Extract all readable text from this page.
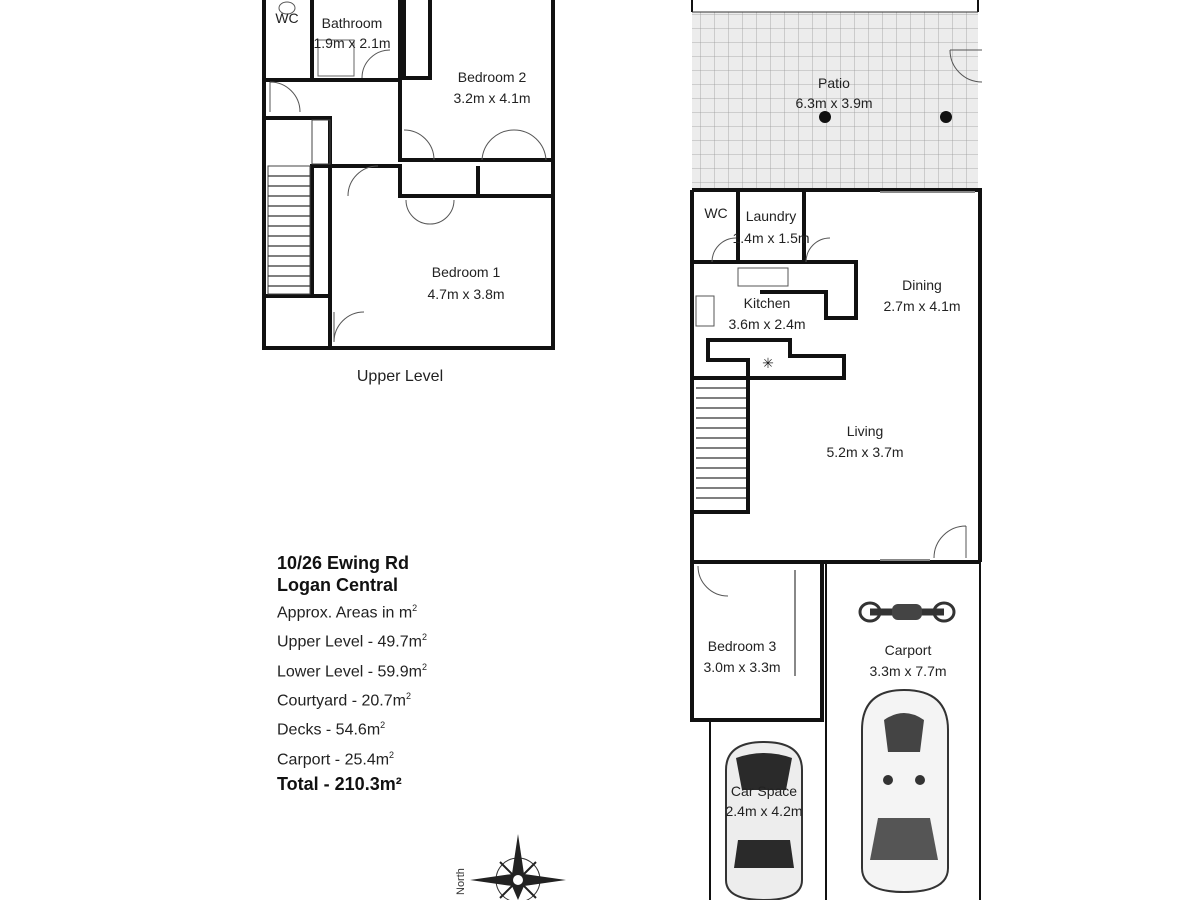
WC Bathroom
1.9m x 2.1m
Bedroom 2
3.2m x 4.1m
Bedroom 1
4.7m x 3.8m
Patio
6.3m x 3.9m
WC Laundry
1.4m x 1.5m
✳
Kitchen
3.6m x 2.4m
Dining
2.7m x 4.1m
Living
5.2m x 3.7m
Bedroom 3
3.0m x 3.3m
Carport
3.3m x 7.7m
Car Space
2.4m x 4.2m
North
Upper Level
10/26 Ewing Rd
Logan Central
Approx. Areas in $m^2$
Upper Level - $49.7m^2$
Lower Level - $59.9m^2$
Courtyard - $20.7m^2$
Decks - $54.6m^2$
Carport - $25.4m^2$
Total - 210.3m²
